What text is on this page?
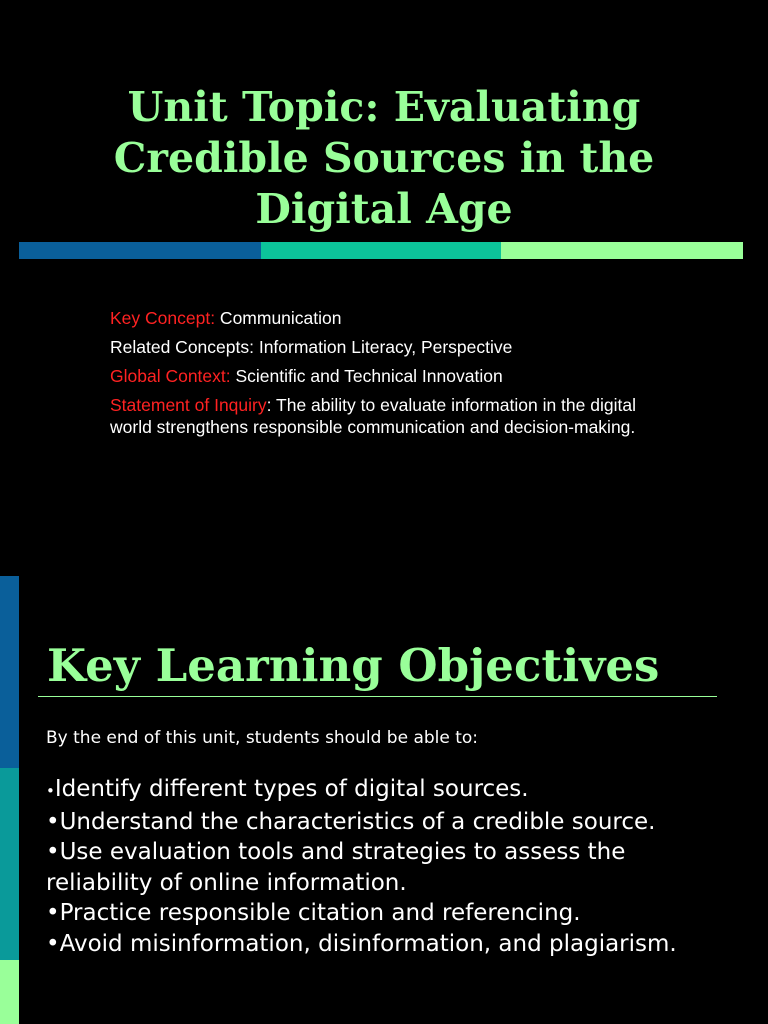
Unit Topic: Evaluating Credible Sources in the Digital Age

Key Concept: Communication

Related Concepts: Information Literacy, Perspective

Global Context: Scientific and Technical Innovation

Statement of Inquiry: The ability to evaluate information in the digital world strengthens responsible communication and decision-making.

Key Learning Objectives

By the end of this unit, students should be able to:

•Identify different types of digital sources.
•Understand the characteristics of a credible source.
•Use evaluation tools and strategies to assess the reliability of online information.
•Practice responsible citation and referencing.
•Avoid misinformation, disinformation, and plagiarism.
